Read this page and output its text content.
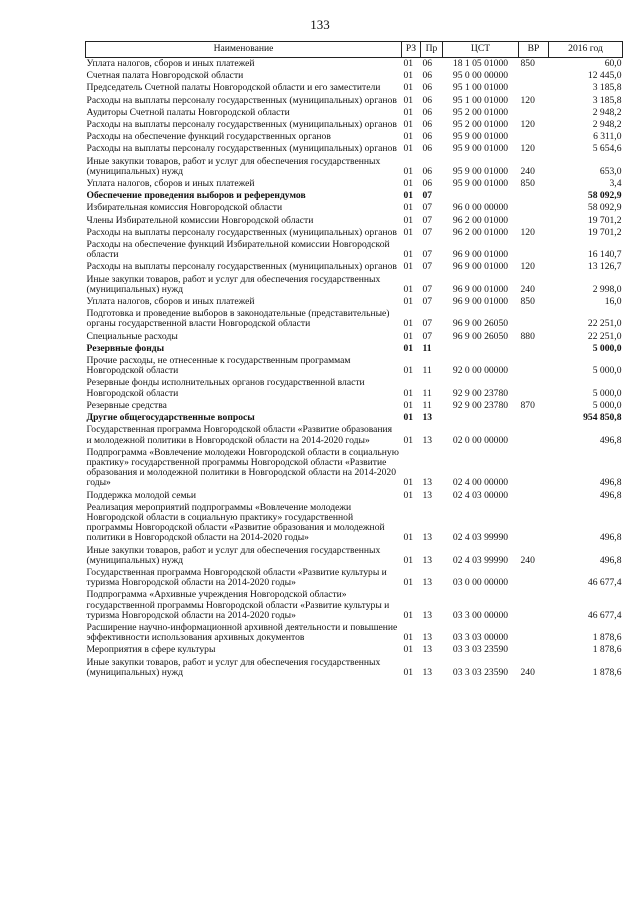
133
Наименование	РЗ	Пр	ЦСТ	ВР	2016 год
Уплата налогов, сборов и иных платежей	01	06	18 1 05 01000	850	60,0
Счетная палата Новгородской области	01	06	95 0 00 00000		12 445,0
Председатель Счетной палаты Новгородской области и его заместители	01	06	95 1 00 01000		3 185,8
Расходы на выплаты персоналу государственных (муниципальных) органов	01	06	95 1 00 01000	120	3 185,8
Аудиторы Счетной палаты Новгородской области	01	06	95 2 00 01000		2 948,2
Расходы на выплаты персоналу государственных (муниципальных) органов	01	06	95 2 00 01000	120	2 948,2
Расходы на обеспечение функций государственных органов	01	06	95 9 00 01000		6 311,0
Расходы на выплаты персоналу государственных (муниципальных) органов	01	06	95 9 00 01000	120	5 654,6
Иные закупки товаров, работ и услуг для обеспечения государственных (муниципальных) нужд	01	06	95 9 00 01000	240	653,0
Уплата налогов, сборов и иных платежей	01	06	95 9 00 01000	850	3,4
Обеспечение проведения выборов и референдумов	01	07			58 092,9
Избирательная комиссия Новгородской области	01	07	96 0 00 00000		58 092,9
Члены Избирательной комиссии Новгородской области	01	07	96 2 00 01000		19 701,2
Расходы на выплаты персоналу государственных (муниципальных) органов	01	07	96 2 00 01000	120	19 701,2
Расходы на обеспечение функций Избирательной комиссии Новгородской области	01	07	96 9 00 01000		16 140,7
Расходы на выплаты персоналу государственных (муниципальных) органов	01	07	96 9 00 01000	120	13 126,7
Иные закупки товаров, работ и услуг для обеспечения государственных (муниципальных) нужд	01	07	96 9 00 01000	240	2 998,0
Уплата налогов, сборов и иных платежей	01	07	96 9 00 01000	850	16,0
Подготовка и проведение выборов в законодательные (представительные) органы государственной власти Новгородской области	01	07	96 9 00 26050		22 251,0
Специальные расходы	01	07	96 9 00 26050	880	22 251,0
Резервные фонды	01	11			5 000,0
Прочие расходы, не отнесенные к государственным программам Новгородской области	01	11	92 0 00 00000		5 000,0
Резервные фонды исполнительных органов государственной власти Новгородской области	01	11	92 9 00 23780		5 000,0
Резервные средства	01	11	92 9 00 23780	870	5 000,0
Другие общегосударственные вопросы	01	13			954 850,8
Государственная программа Новгородской области «Развитие образования и молодежной политики в Новгородской области на 2014-2020 годы»	01	13	02 0 00 00000		496,8
Подпрограмма «Вовлечение молодежи Новгородской области в социальную практику» государственной программы Новгородской области «Развитие образования и молодежной политики в Новгородской области на 2014-2020 годы»	01	13	02 4 00 00000		496,8
Поддержка молодой семьи	01	13	02 4 03 00000		496,8
Реализация мероприятий подпрограммы «Вовлечение молодежи Новгородской области в социальную практику» государственной программы Новгородской области «Развитие образования и молодежной политики в Новгородской области на 2014-2020 годы»	01	13	02 4 03 99990		496,8
Иные закупки товаров, работ и услуг для обеспечения государственных (муниципальных) нужд	01	13	02 4 03 99990	240	496,8
Государственная программа Новгородской области «Развитие культуры и туризма Новгородской области на 2014-2020 годы»	01	13	03 0 00 00000		46 677,4
Подпрограмма «Архивные учреждения Новгородской области» государственной программы Новгородской области «Развитие культуры и туризма Новгородской области на 2014-2020 годы»	01	13	03 3 00 00000		46 677,4
Расширение научно-информационной архивной деятельности и повышение эффективности использования архивных документов	01	13	03 3 03 00000		1 878,6
Мероприятия в сфере культуры	01	13	03 3 03 23590		1 878,6
Иные закупки товаров, работ и услуг для обеспечения государственных (муниципальных) нужд	01	13	03 3 03 23590	240	1 878,6
